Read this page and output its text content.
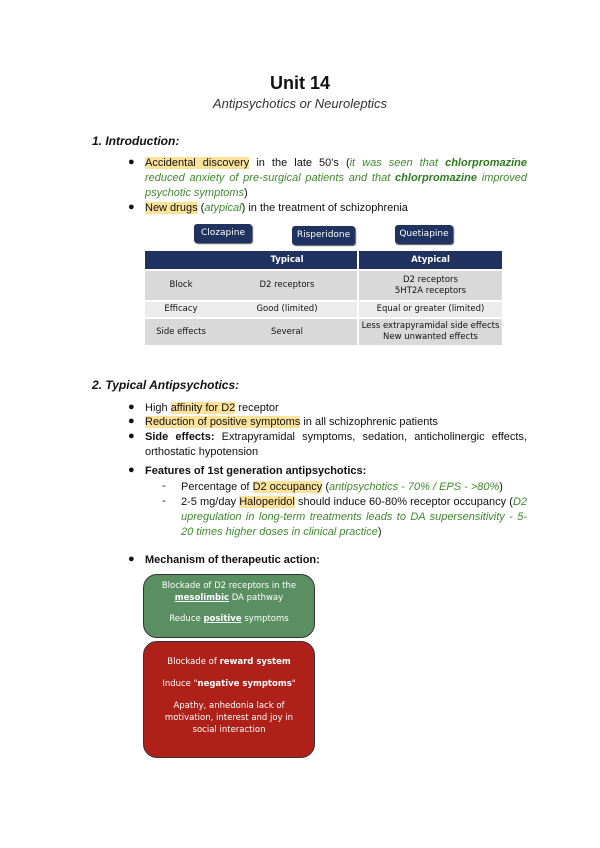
Unit 14
Antipsychotics or Neuroleptics
1. Introduction:
● Accidental discovery in the late 50's (it was seen that chlorpromazine reduced anxiety of pre-surgical patients and that chlorpromazine improved psychotic symptoms)
● New drugs (atypical) in the treatment of schizophrenia
Clozapine	Risperidone	Quetiapine
	Typical	Atypical
Block	D2 receptors	D2 receptors
5HT2A receptors
Efficacy	Good (limited)	Equal or greater (limited)
Side effects	Several	Less extrapyramidal side effects
New unwanted effects
2. Typical Antipsychotics:
● High affinity for D2 receptor
● Reduction of positive symptoms in all schizophrenic patients
● Side effects: Extrapyramidal symptoms, sedation, anticholinergic effects, orthostatic hypotension
● Features of 1st generation antipsychotics:
- Percentage of D2 occupancy (antipsychotics - 70% / EPS - >80%)
- 2-5 mg/day Haloperidol should induce 60-80% receptor occupancy (D2 upregulation in long-term treatments leads to DA supersensitivity - 5-20 times higher doses in clinical practice)
● Mechanism of therapeutic action:

Blockade of D2 receptors in the

mesolimbic DA pathway

Reduce positive symptoms

Blockade of reward system

Induce "negative symptoms"

Apathy, anhedonia lack of motivation, interest and joy in social interaction
